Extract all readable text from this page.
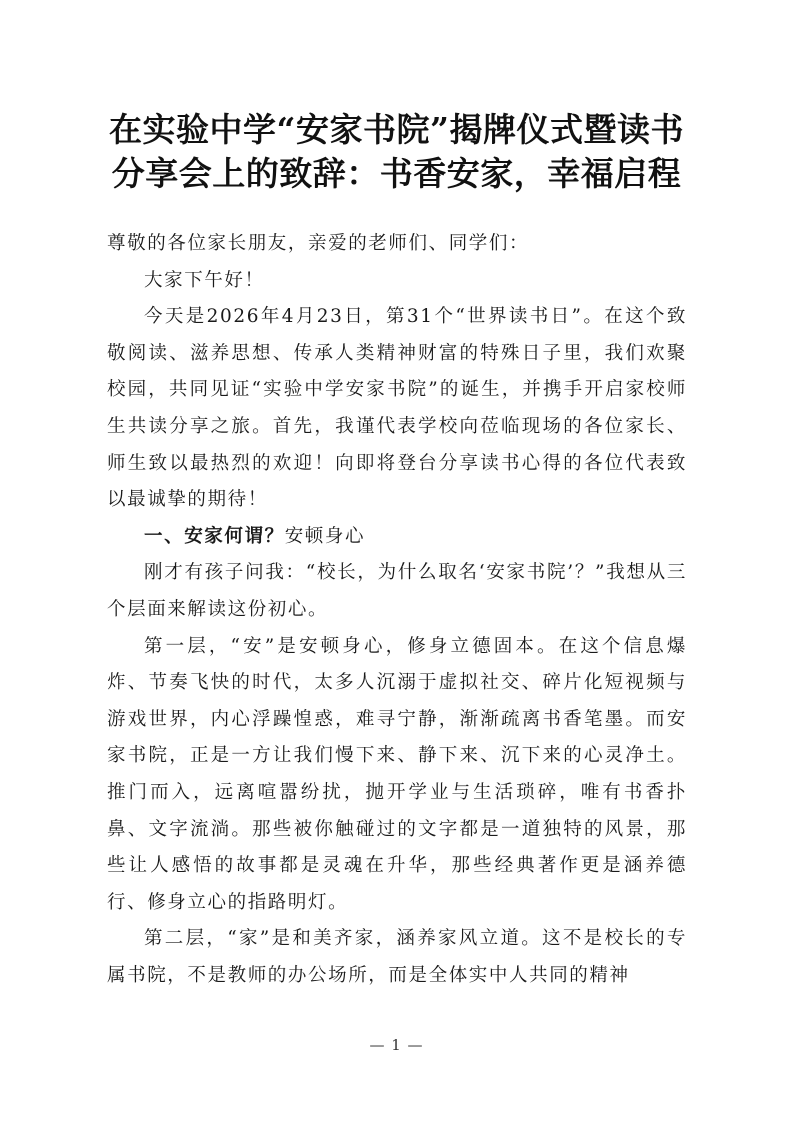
在实验中学“安家书院”揭牌仪式暨读书
分享会上的致辞：书香安家，幸福启程

尊敬的各位家长朋友，亲爱的老师们、同学们：

大家下午好！

今天是2026年4月23日，第31个“世界读书日”。在这个致敬阅读、滋养思想、传承人类精神财富的特殊日子里，我们欢聚校园，共同见证“实验中学安家书院”的诞生，并携手开启家校师生共读分享之旅。首先，我谨代表学校向莅临现场的各位家长、师生致以最热烈的欢迎！向即将登台分享读书心得的各位代表致以最诚挚的期待！

一、安家何谓？安顿身心

刚才有孩子问我：“校长，为什么取名‘安家书院’？”我想从三个层面来解读这份初心。

第一层，“安”是安顿身心，修身立德固本。在这个信息爆炸、节奏飞快的时代，太多人沉溺于虚拟社交、碎片化短视频与游戏世界，内心浮躁惶惑，难寻宁静，渐渐疏离书香笔墨。而安家书院，正是一方让我们慢下来、静下来、沉下来的心灵净土。推门而入，远离喧嚣纷扰，抛开学业与生活琐碎，唯有书香扑鼻、文字流淌。那些被你触碰过的文字都是一道独特的风景，那些让人感悟的故事都是灵魂在升华，那些经典著作更是涵养德行、修身立心的指路明灯。

第二层，“家”是和美齐家，涵养家风立道。这不是校长的专属书院，不是教师的办公场所，而是全体实中人共同的精神

— 1 —
